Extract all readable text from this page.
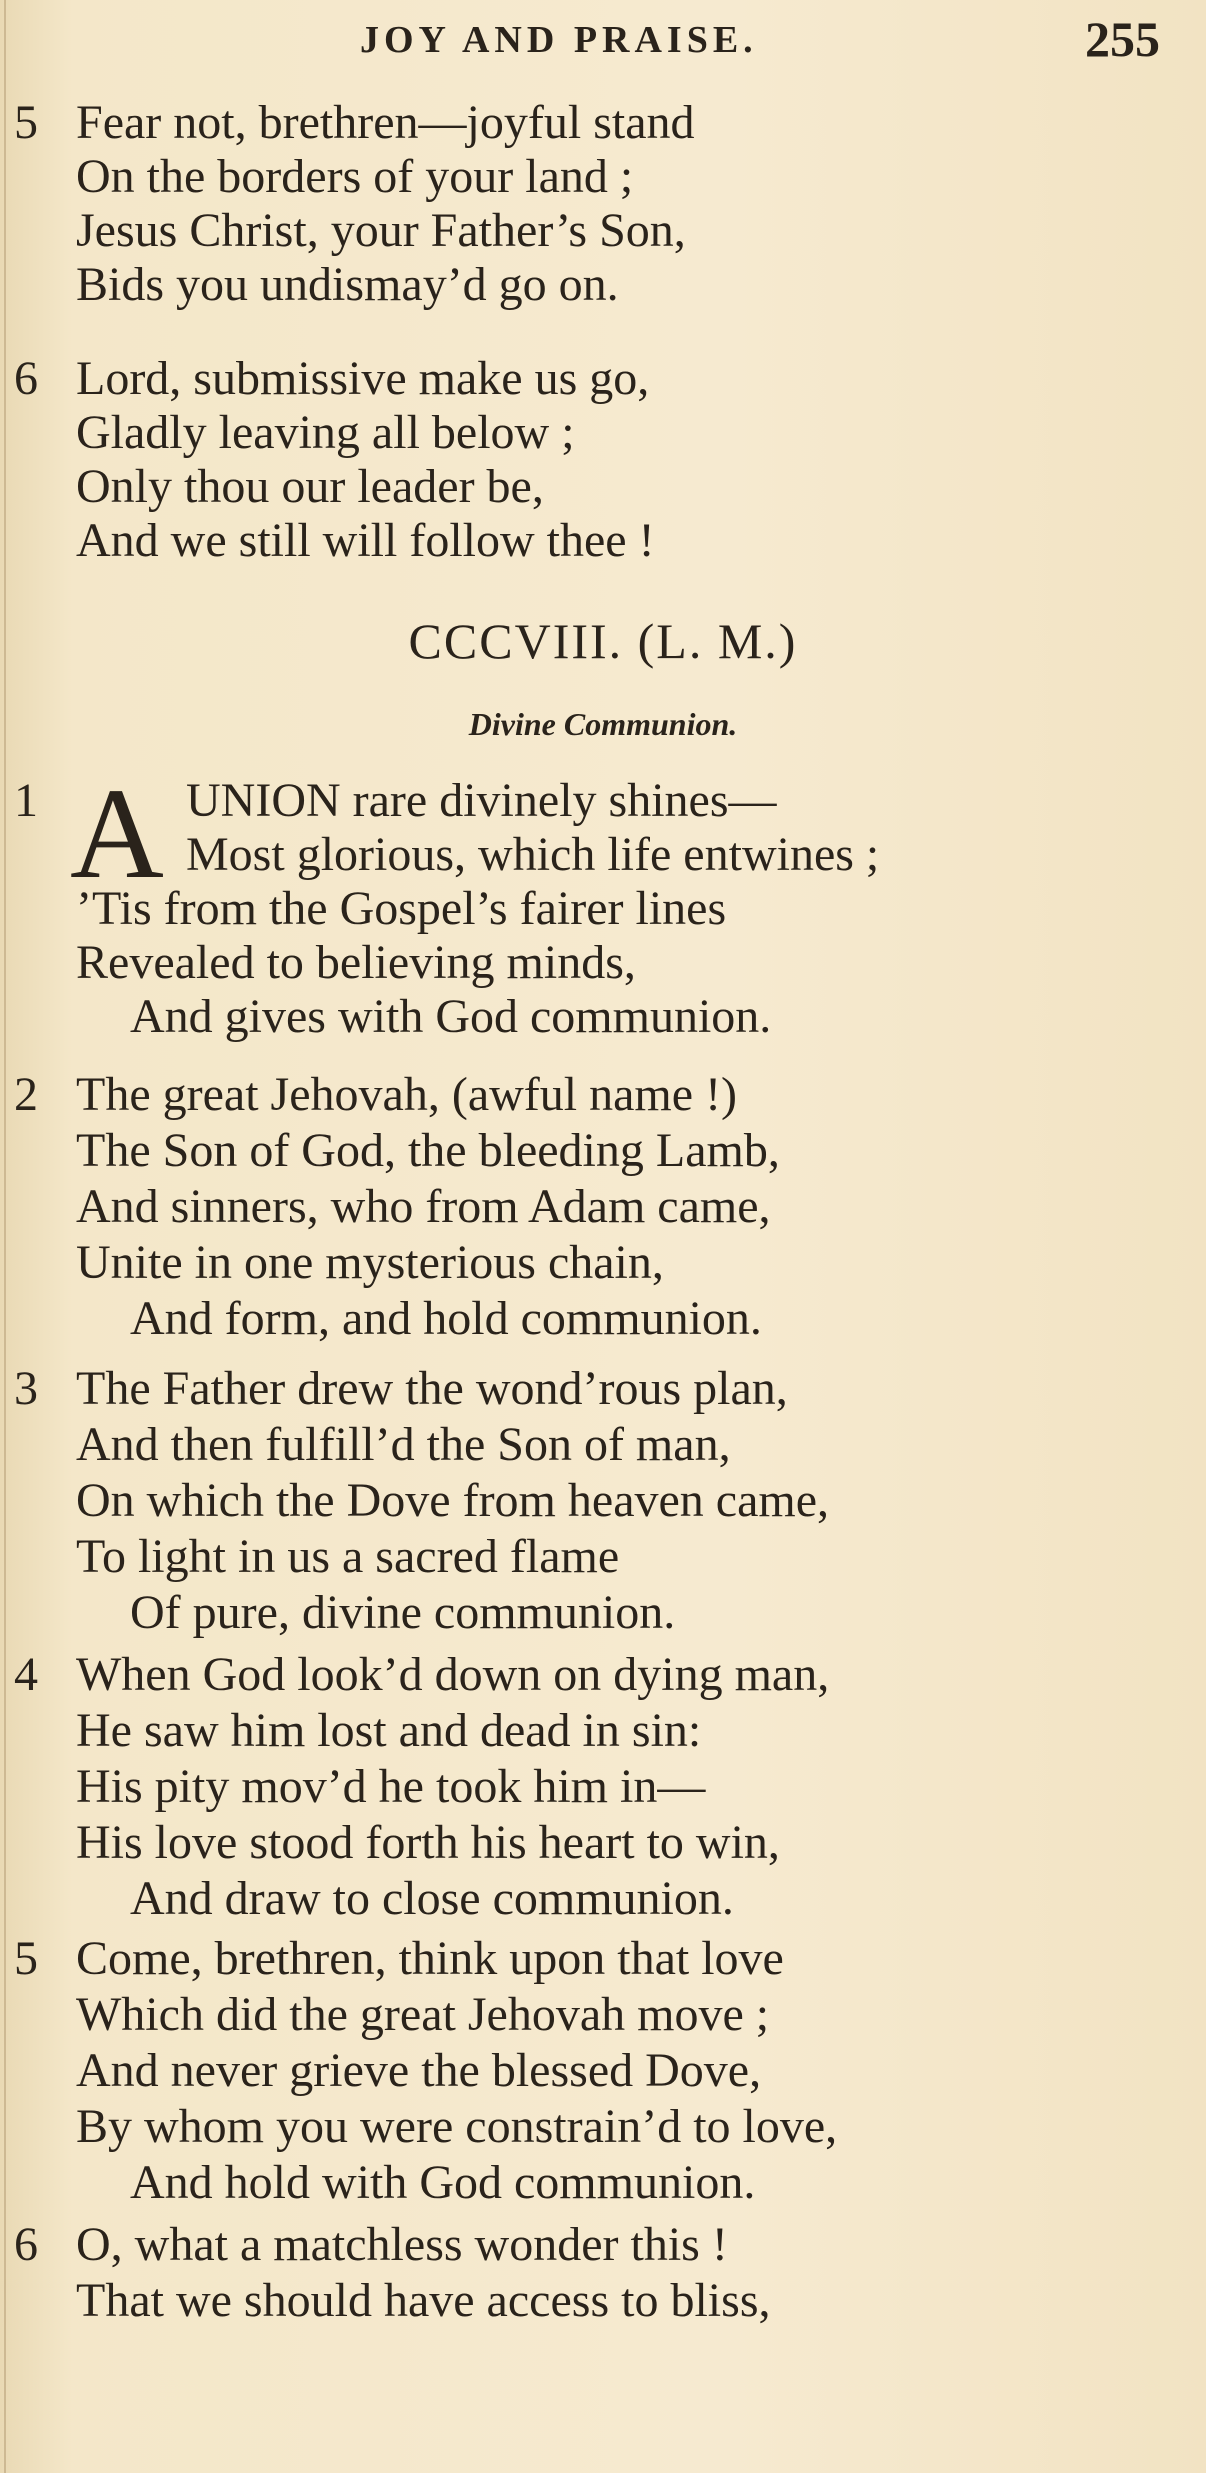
JOY AND PRAISE.	255
5 Fear not, brethren—joyful stand
On the borders of your land ;
Jesus Christ, your Father’s Son,
Bids you undismay’d go on.
6 Lord, submissive make us go,
Gladly leaving all below ;
Only thou our leader be,
And we still will follow thee !
CCCVIII. (L. M.)
Divine Communion.
1 A UNION rare divinely shines—
Most glorious, which life entwines ;
’Tis from the Gospel’s fairer lines
Revealed to believing minds,
And gives with God communion.
2 The great Jehovah, (awful name !)
The Son of God, the bleeding Lamb,
And sinners, who from Adam came,
Unite in one mysterious chain,
And form, and hold communion.
3 The Father drew the wond’rous plan,
And then fulfill’d the Son of man,
On which the Dove from heaven came,
To light in us a sacred flame
Of pure, divine communion.
4 When God look’d down on dying man,
He saw him lost and dead in sin:
His pity mov’d he took him in—
His love stood forth his heart to win,
And draw to close communion.
5 Come, brethren, think upon that love
Which did the great Jehovah move ;
And never grieve the blessed Dove,
By whom you were constrain’d to love,
And hold with God communion.
6 O, what a matchless wonder this !
That we should have access to bliss,
